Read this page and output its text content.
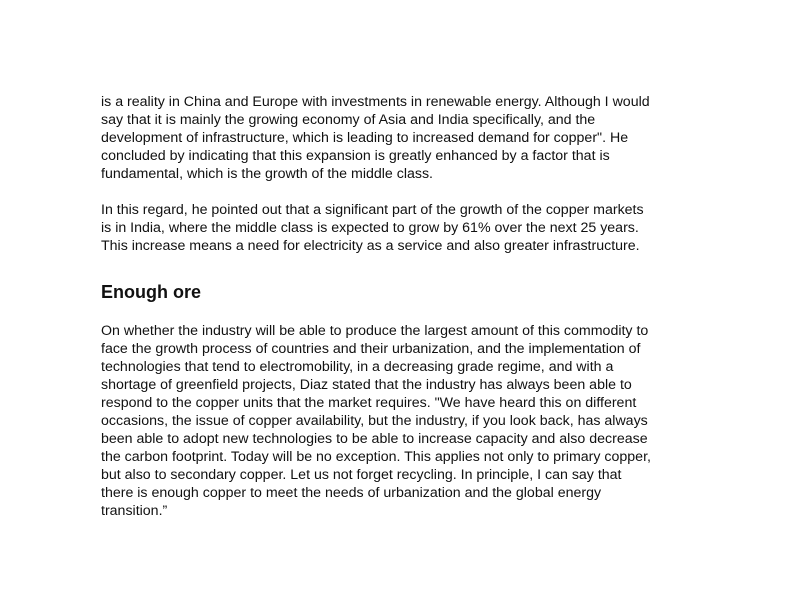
is a reality in China and Europe with investments in renewable energy. Although I would
say that it is mainly the growing economy of Asia and India specifically, and the
development of infrastructure, which is leading to increased demand for copper". He
concluded by indicating that this expansion is greatly enhanced by a factor that is
fundamental, which is the growth of the middle class.

In this regard, he pointed out that a significant part of the growth of the copper markets
is in India, where the middle class is expected to grow by 61% over the next 25 years.
This increase means a need for electricity as a service and also greater infrastructure.

Enough ore

On whether the industry will be able to produce the largest amount of this commodity to
face the growth process of countries and their urbanization, and the implementation of
technologies that tend to electromobility, in a decreasing grade regime, and with a
shortage of greenfield projects, Diaz stated that the industry has always been able to
respond to the copper units that the market requires. "We have heard this on different
occasions, the issue of copper availability, but the industry, if you look back, has always
been able to adopt new technologies to be able to increase capacity and also decrease
the carbon footprint. Today will be no exception. This applies not only to primary copper,
but also to secondary copper. Let us not forget recycling. In principle, I can say that
there is enough copper to meet the needs of urbanization and the global energy
transition.”
